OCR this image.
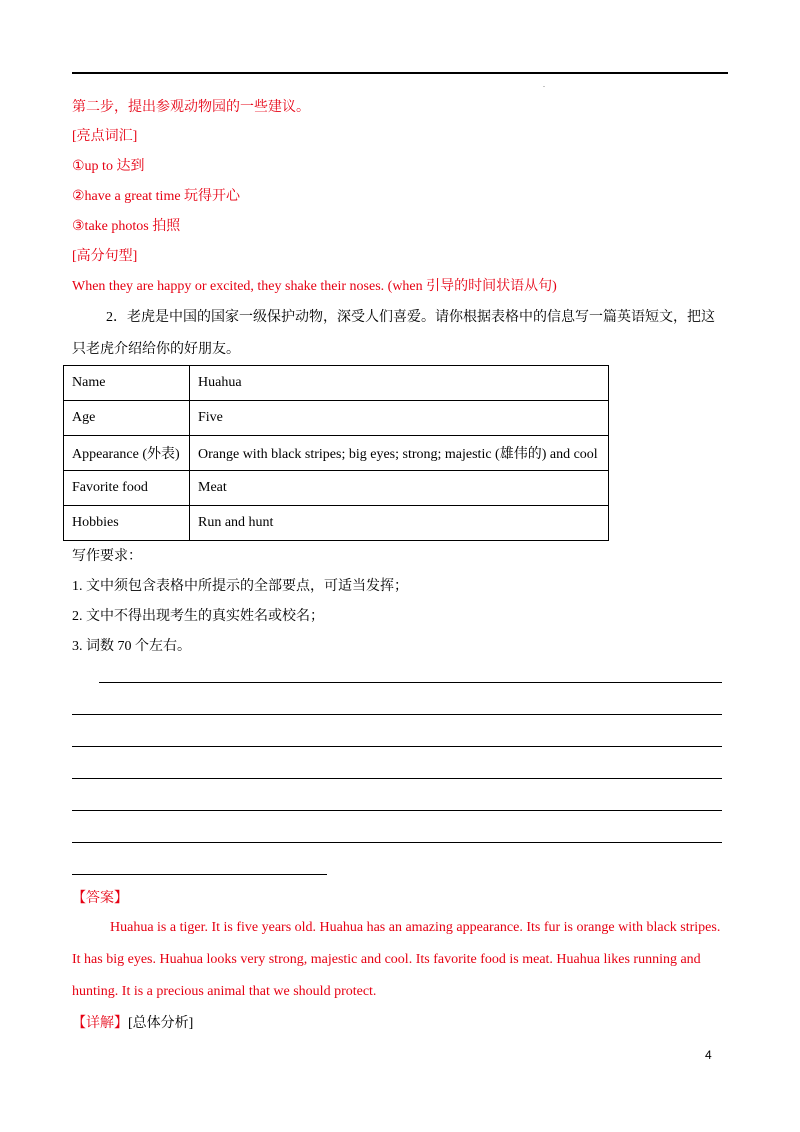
.
第二步，提出参观动物园的一些建议。
[亮点词汇]
①up to 达到
②have a great time 玩得开心
③take photos 拍照
[高分句型]
When they are happy or excited, they shake their noses. (when 引导的时间状语从句)
2．老虎是中国的国家一级保护动物，深受人们喜爱。请你根据表格中的信息写一篇英语短文，把这
只老虎介绍给你的好朋友。
Name	Huahua
Age	Five
Appearance (外表)	Orange with black stripes; big eyes; strong; majestic (雄伟的) and cool
Favorite food	Meat
Hobbies	Run and hunt
写作要求：
1. 文中须包含表格中所提示的全部要点，可适当发挥；
2. 文中不得出现考生的真实姓名或校名；
3. 词数 70 个左右。
【答案】
Huahua is a tiger. It is five years old. Huahua has an amazing appearance. Its fur is orange with black stripes.
It has big eyes. Huahua looks very strong, majestic and cool. Its favorite food is meat. Huahua likes running and
hunting. It is a precious animal that we should protect.
【详解】[总体分析]
4
